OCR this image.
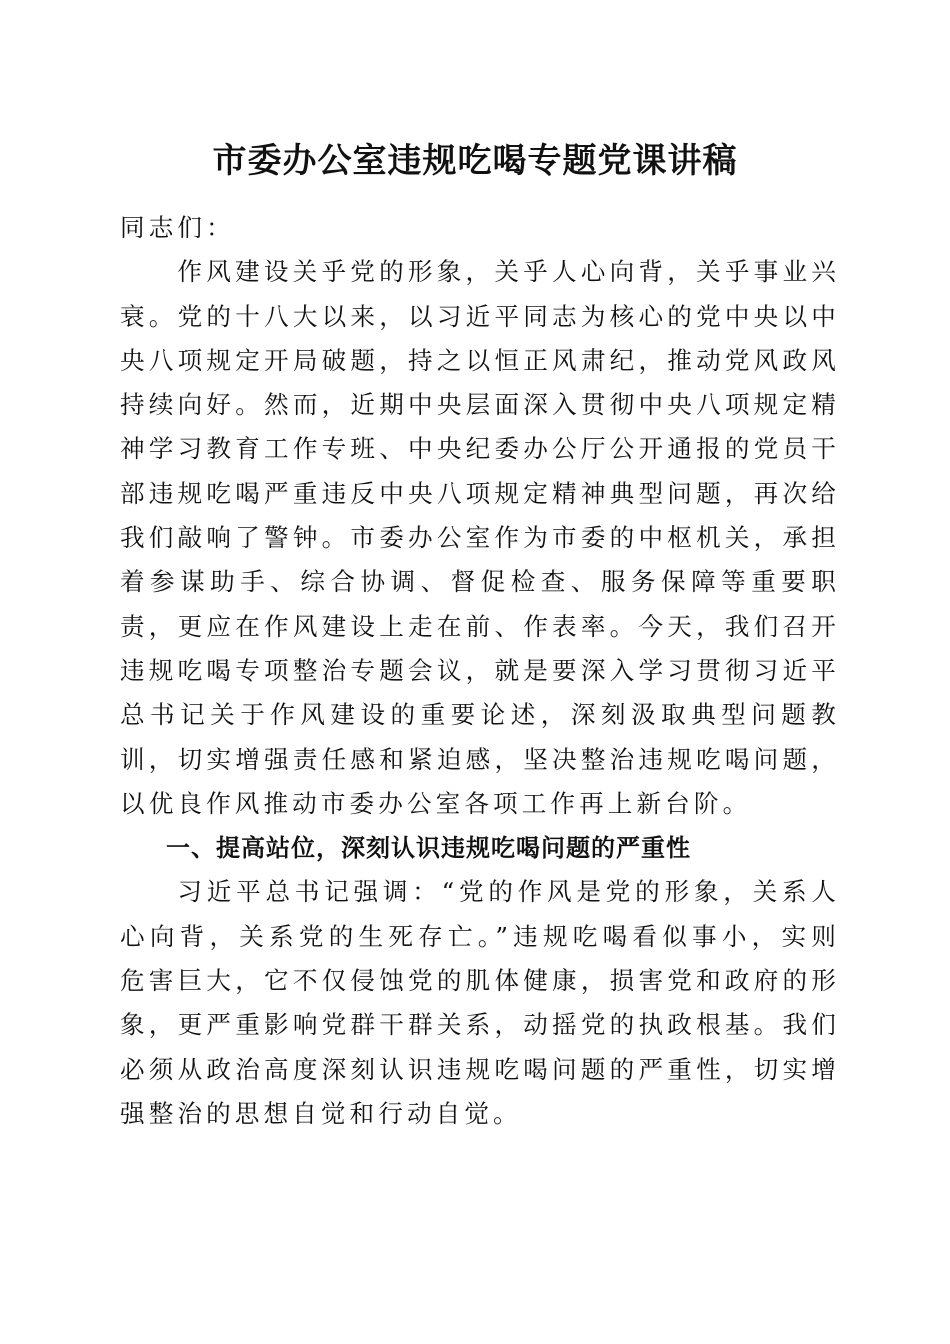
市委办公室违规吃喝专题党课讲稿

同志们：

作风建设关乎党的形象，关乎人心向背，关乎事业兴衰。党的十八大以来，以习近平同志为核心的党中央以中央八项规定开局破题，持之以恒正风肃纪，推动党风政风持续向好。然而，近期中央层面深入贯彻中央八项规定精神学习教育工作专班、中央纪委办公厅公开通报的党员干部违规吃喝严重违反中央八项规定精神典型问题，再次给我们敲响了警钟。市委办公室作为市委的中枢机关，承担着参谋助手、综合协调、督促检查、服务保障等重要职责，更应在作风建设上走在前、作表率。今天，我们召开违规吃喝专项整治专题会议，就是要深入学习贯彻习近平总书记关于作风建设的重要论述，深刻汲取典型问题教训，切实增强责任感和紧迫感，坚决整治违规吃喝问题，以优良作风推动市委办公室各项工作再上新台阶。

一、提高站位，深刻认识违规吃喝问题的严重性

习近平总书记强调：“党的作风是党的形象，关系人心向背，关系党的生死存亡。”违规吃喝看似事小，实则危害巨大，它不仅侵蚀党的肌体健康，损害党和政府的形象，更严重影响党群干群关系，动摇党的执政根基。我们必须从政治高度深刻认识违规吃喝问题的严重性，切实增强整治的思想自觉和行动自觉。
